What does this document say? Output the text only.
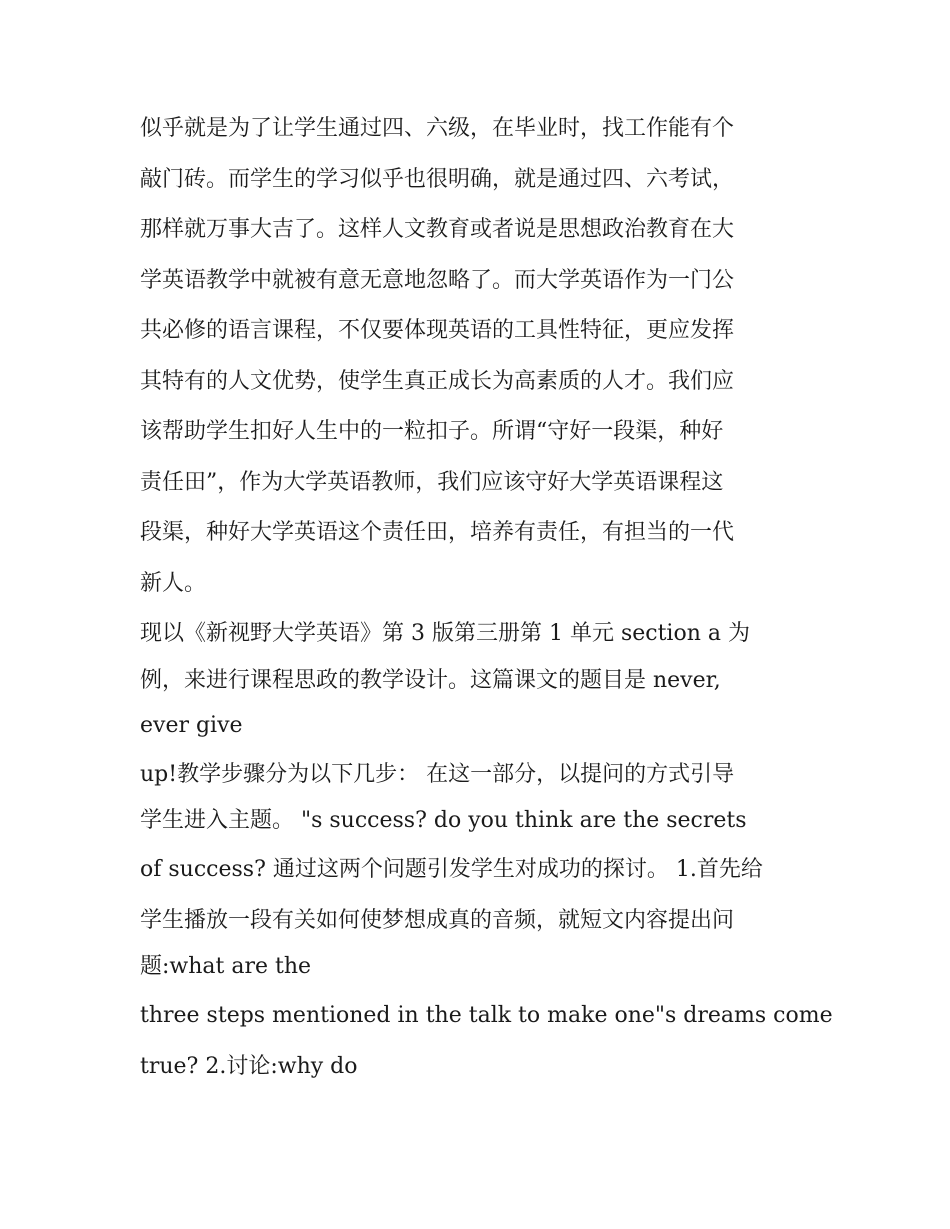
似乎就是为了让学生通过四、六级，在毕业时，找工作能有个
敲门砖。而学生的学习似乎也很明确，就是通过四、六考试，
那样就万事大吉了。这样人文教育或者说是思想政治教育在大
学英语教学中就被有意无意地忽略了。而大学英语作为一门公
共必修的语言课程，不仅要体现英语的工具性特征，更应发挥
其特有的人文优势，使学生真正成长为高素质的人才。我们应
该帮助学生扣好人生中的一粒扣子。所谓“守好一段渠，种好
责任田”，作为大学英语教师，我们应该守好大学英语课程这
段渠，种好大学英语这个责任田，培养有责任，有担当的一代
新人。
现以《新视野大学英语》第 3 版第三册第 1 单元 section a 为
例，来进行课程思政的教学设计。这篇课文的题目是 never,
ever give
up!教学步骤分为以下几步： 在这一部分，以提问的方式引导
学生进入主题。 "s success? do you think are the secrets
of success? 通过这两个问题引发学生对成功的探讨。 1.首先给
学生播放一段有关如何使梦想成真的音频，就短文内容提出问
题:what are the
three steps mentioned in the talk to make one"s dreams come
true? 2.讨论:why do
